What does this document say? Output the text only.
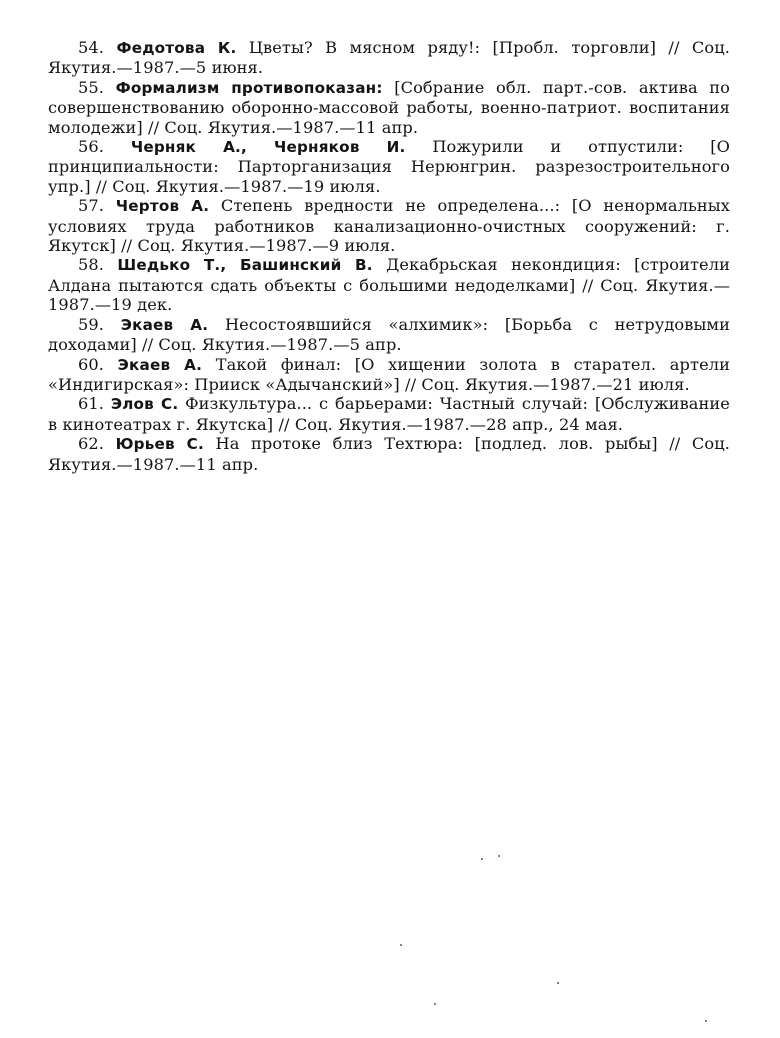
54. Федотова К. Цветы? В мясном ряду!: [Пробл. торговли] // Соц. Якутия.—1987.—5 июня.

55. Формализм противопоказан: [Собрание обл. парт.-сов. актива по совершенствованию оборонно-массовой работы, военно-патриот. воспитания молодежи] // Соц. Якутия.—1987.—11 апр.

56. Черняк А., Черняков И. Пожурили и отпустили: [О принципиальности: Парторганизация Нерюнгрин. разрезостроительного упр.] // Соц. Якутия.—1987.—19 июля.

57. Чертов А. Степень вредности не определена...: [О ненормальных условиях труда работников канализационно-очистных сооружений: г. Якутск] // Соц. Якутия.—1987.—9 июля.

58. Шедько Т., Башинский В. Декабрьская некондиция: [строители Алдана пытаются сдать объекты с большими недоделками] // Соц. Якутия.—1987.—19 дек.

59. Экаев А. Несостоявшийся «алхимик»: [Борьба с нетрудовыми доходами] // Соц. Якутия.—1987.—5 апр.

60. Экаев А. Такой финал: [О хищении золота в старател. артели «Индигирская»: Прииск «Адычанский»] // Соц. Якутия.—1987.—21 июля.

61. Элов С. Физкультура... с барьерами: Частный случай: [Обслуживание в кинотеатрах г. Якутска] // Соц. Якутия.—1987.—28 апр., 24 мая.

62. Юрьев С. На протоке близ Техтюра: [подлед. лов. рыбы] // Соц. Якутия.—1987.—11 апр.
